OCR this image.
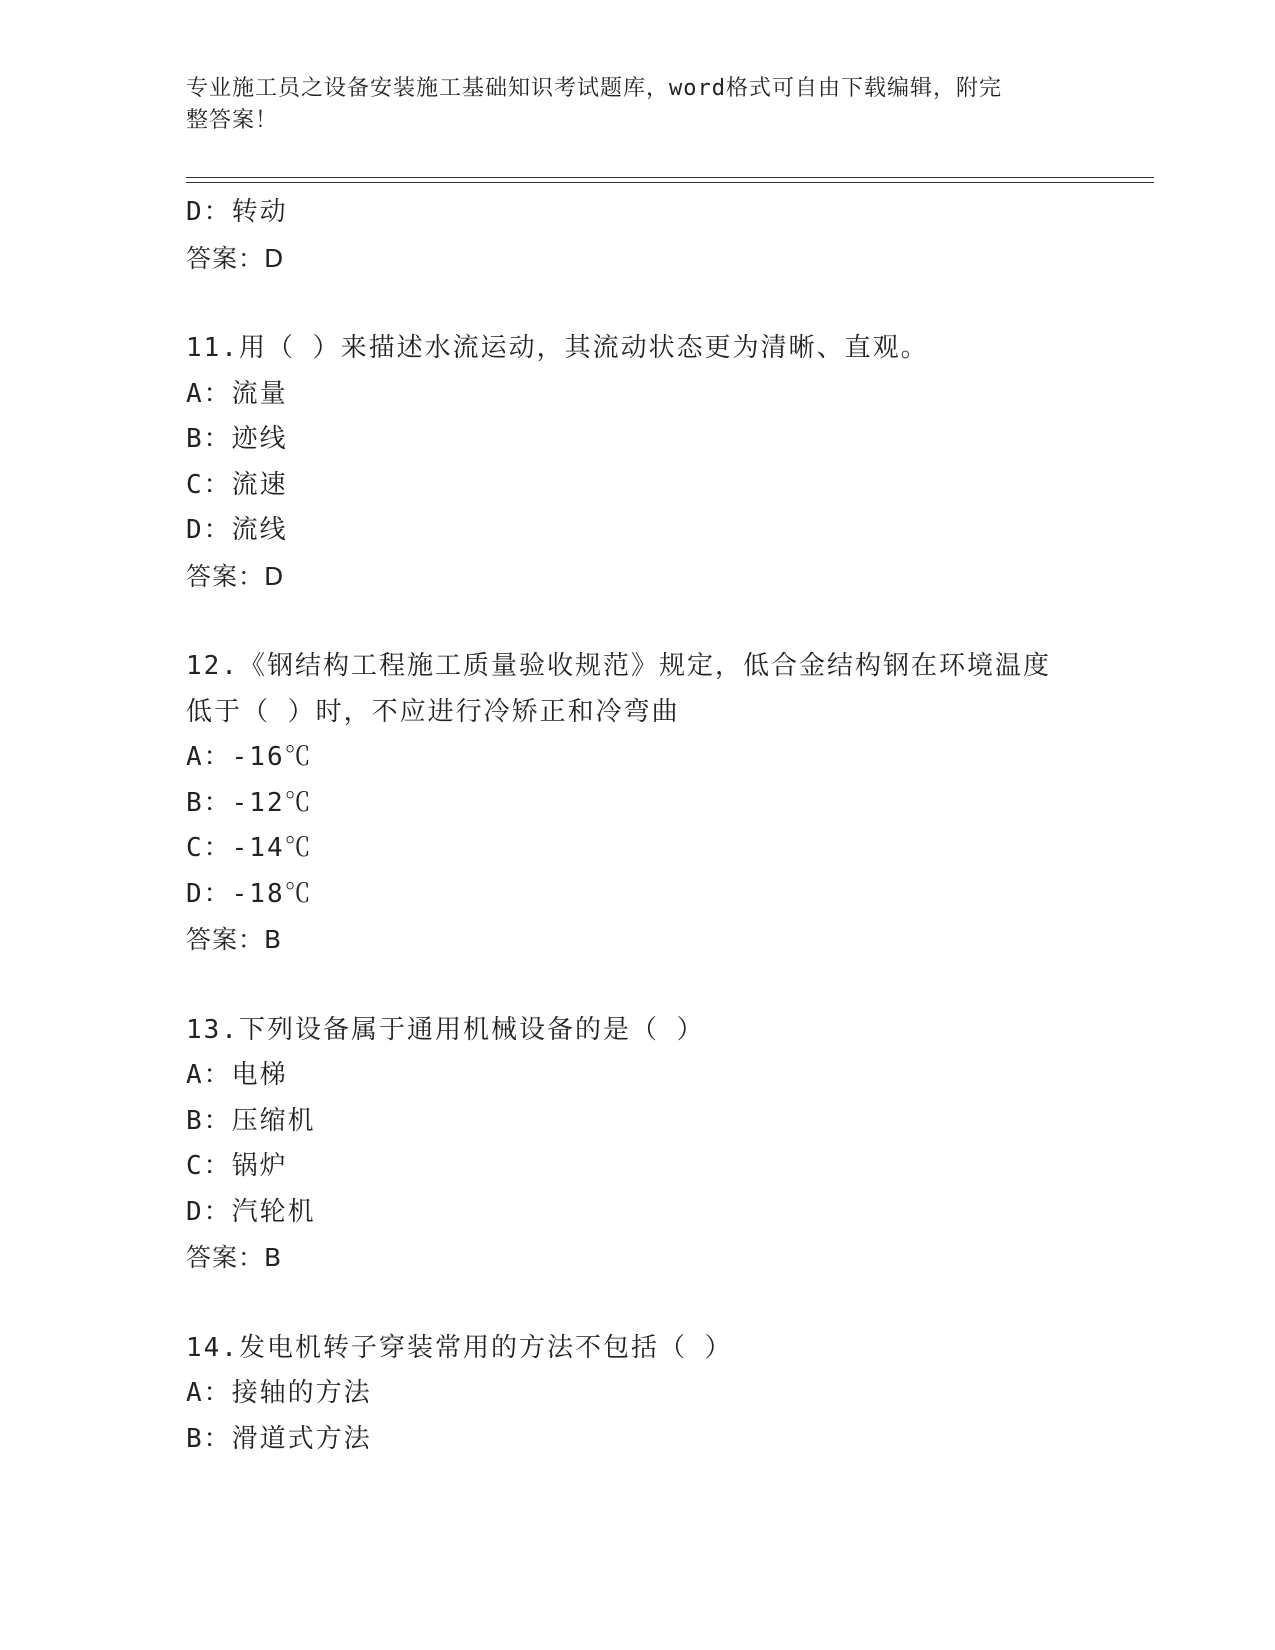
专业施工员之设备安装施工基础知识考试题库，word格式可自由下载编辑，附完
整答案！
D：转动
答案：D
11.用（ ）来描述水流运动，其流动状态更为清晰、直观。
A：流量
B：迹线
C：流速
D：流线
答案：D
12.《钢结构工程施工质量验收规范》规定，低合金结构钢在环境温度
低于（ ）时，不应进行冷矫正和冷弯曲
A：-16℃
B：-12℃
C：-14℃
D：-18℃
答案：B
13.下列设备属于通用机械设备的是（ ）
A：电梯
B：压缩机
C：锅炉
D：汽轮机
答案：B
14.发电机转子穿装常用的方法不包括（ ）
A：接轴的方法
B：滑道式方法
